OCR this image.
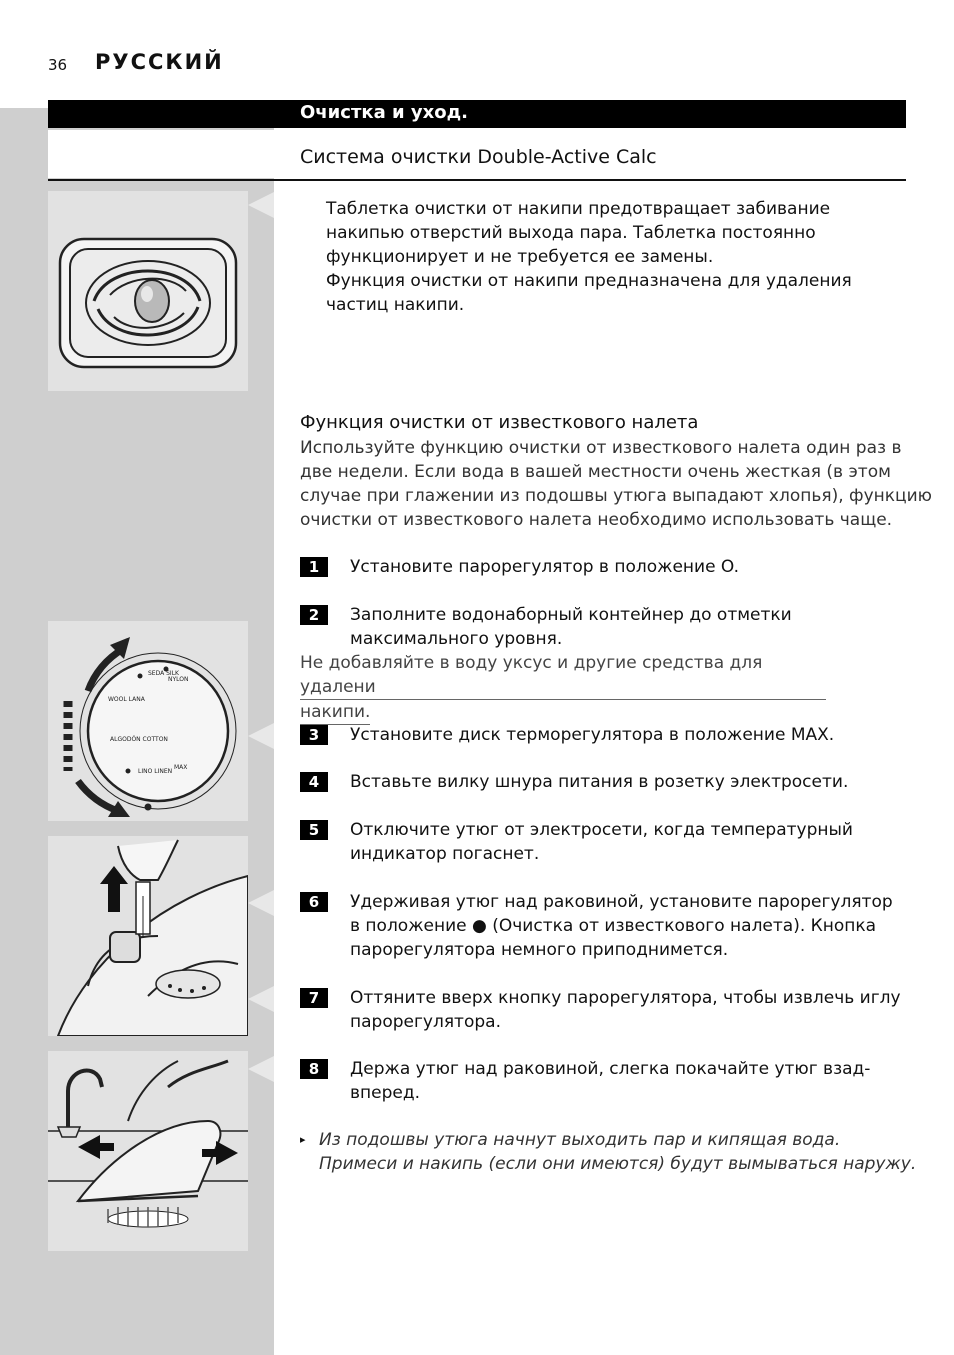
36 РУССКИЙ
Очистка и уход.
Система очистки Double-Active Calc
Таблетка очистки от накипи предотвращает забивание
накипью отверстий выхода пара. Таблетка постоянно
функционирует и не требуется ее замены.
Функция очистки от накипи предназначена для удаления
частиц накипи.
Функция очистки от известкового налета
Используйте функцию очистки от известкового налета один раз в
две недели. Если вода в вашей местности очень жесткая (в этом
случае при глажении из подошвы утюга выпадают хлопья), функцию
очистки от известкового налета необходимо использовать чаще.
1	Установите парорегулятор в положение O.
2	Заполните водонаборный контейнер до отметки
максимального уровня.
Не добавляйте в воду уксус и другие средства для удалени
накипи.
SEDA SILK
NYLON
WOOL LANA
ALGODÓN COTTON
LINO LINEN
MAX
3	Установите диск терморегулятора в положение MAX.
4	Вставьте вилку шнура питания в розетку электросети.
5	Отключите утюг от электросети, когда температурный
индикатор погаснет.
6	Удерживая утюг над раковиной, установите парорегулятор
в положение ● (Очистка от известкового налета). Кнопка
парорегулятора немного приподнимется.
7	Оттяните вверх кнопку парорегулятора, чтобы извлечь иглу
парорегулятора.
8	Держа утюг над раковиной, слегка покачайте утюг взад-
вперед.
▸ Из подошвы утюга начнут выходить пар и кипящая вода.
Примеси и накипь (если они имеются) будут вымываться наружу.
